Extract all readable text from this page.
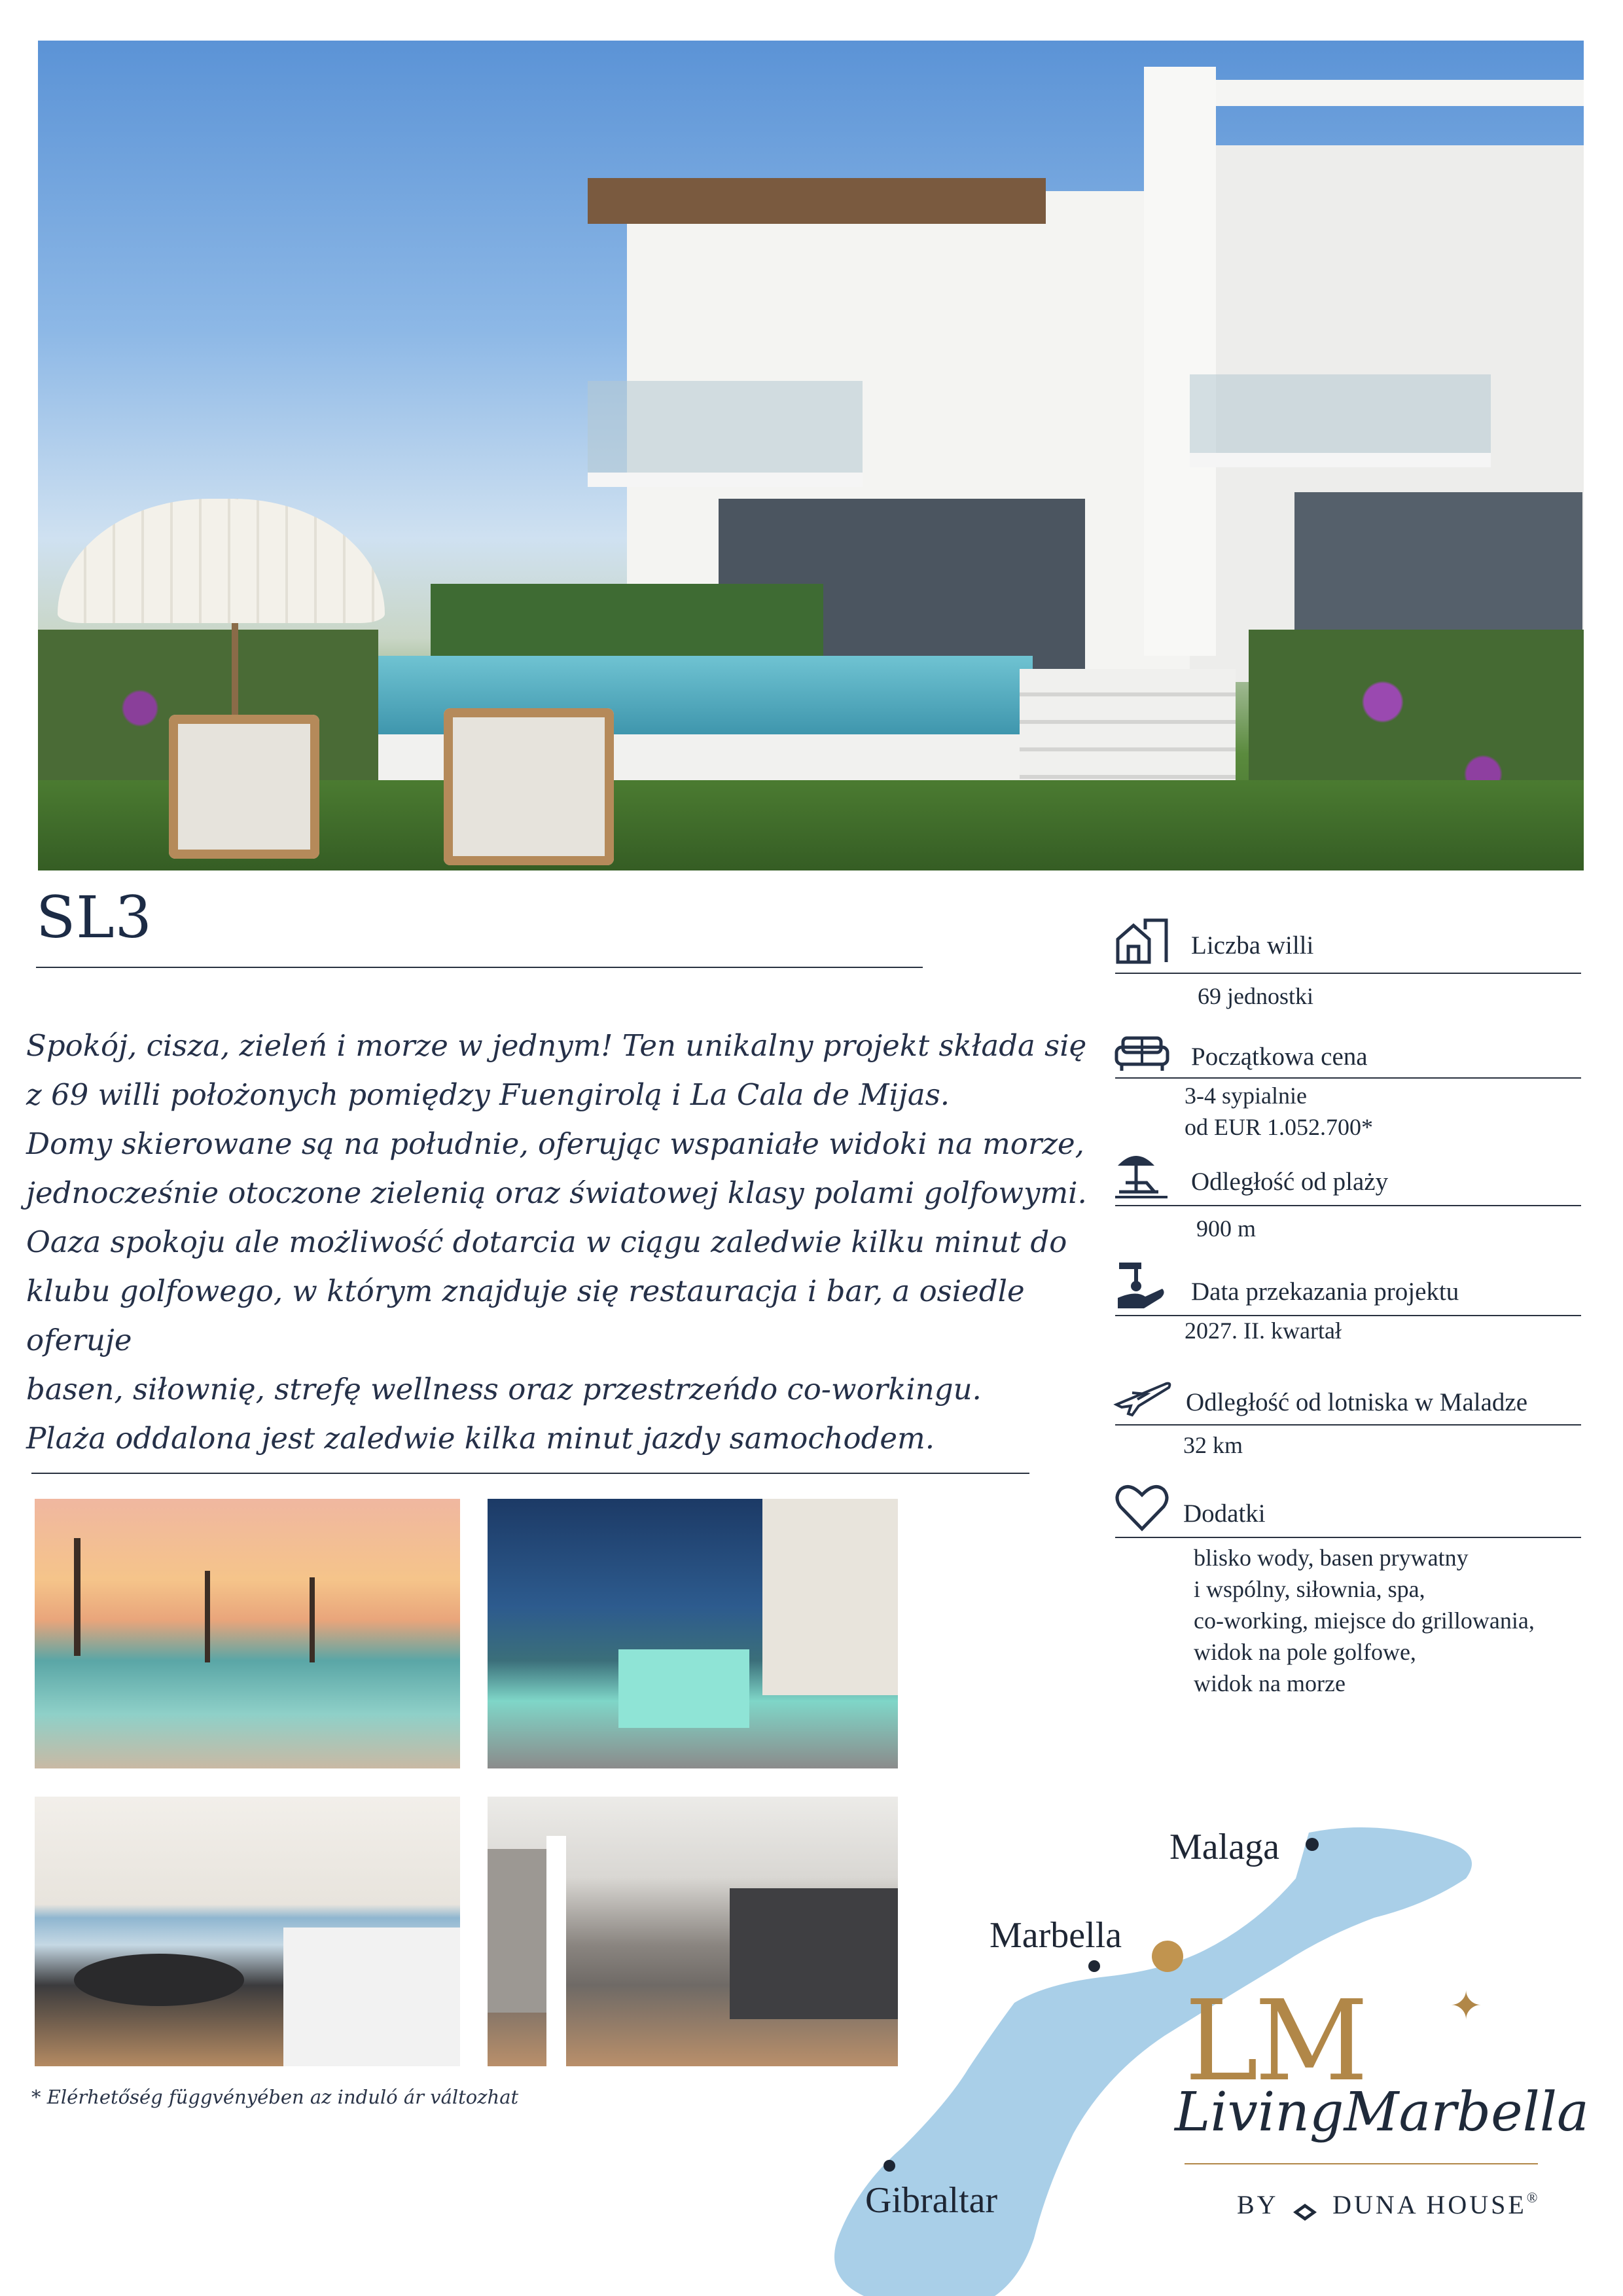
SL3

Spokój, cisza, zieleń i morze w jednym! Ten unikalny projekt składa się

z 69 willi położonych pomiędzy Fuengirolą i La Cala de Mijas.

Domy skierowane są na południe, oferując wspaniałe widoki na morze,

jednocześnie otoczone zielenią oraz światowej klasy polami golfowymi.

Oaza spokoju ale możliwość dotarcia w ciągu zaledwie kilku minut do

klubu golfowego, w którym znajduje się restauracja i bar, a osiedle oferuje

basen, siłownię, strefę wellness oraz przestrzeńdo co-workingu.

Plaża oddalona jest zaledwie kilka minut jazdy samochodem.

* Elérhetőség függvényében az induló ár változhat
Liczba willi
69 jednostki
Początkowa cena
3-4 sypialnie
od EUR 1.052.700*
Odległość od plaży
900 m
Data przekazania projektu
2027. II. kwartał
Odległość od lotniska w Maladze
32 km
Dodatki
blisko wody, basen prywatny
i wspólny, siłownia, spa,
co-working, miejsce do grillowania,
widok na pole golfowe,
widok na morze
Malaga
Marbella
Gibraltar
LM ✦
LivingMarbella
BY DUNA HOUSE®
